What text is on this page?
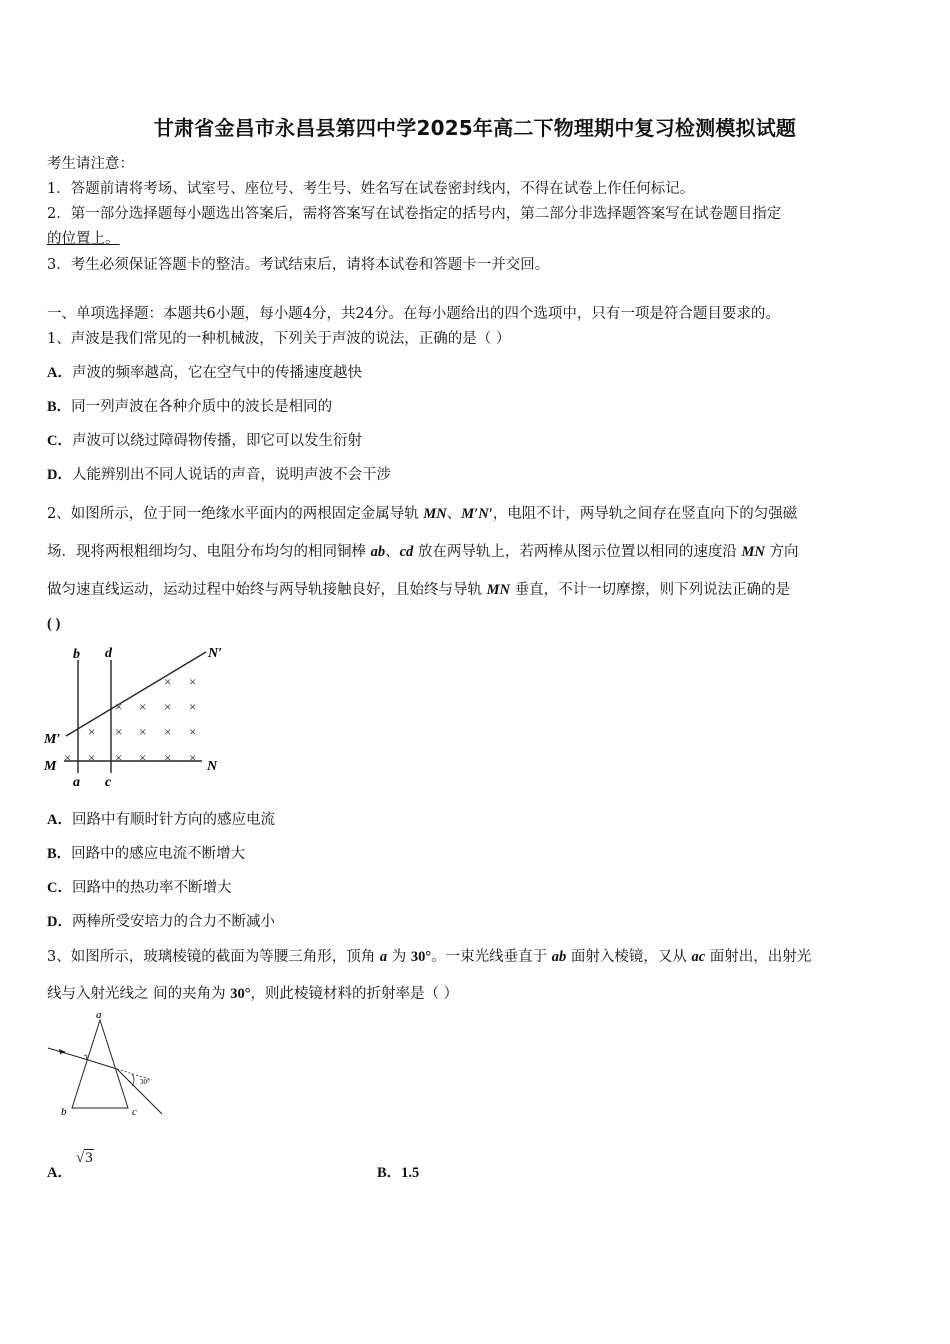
甘肃省金昌市永昌县第四中学2025年高二下物理期中复习检测模拟试题
考生请注意：
1．答题前请将考场、试室号、座位号、考生号、姓名写在试卷密封线内，不得在试卷上作任何标记。
2．第一部分选择题每小题选出答案后，需将答案写在试卷指定的括号内，第二部分非选择题答案写在试卷题目指定
的位置上。
3．考生必须保证答题卡的整洁。考试结束后，请将本试卷和答题卡一并交回。
一、单项选择题：本题共6小题，每小题4分，共24分。在每小题给出的四个选项中，只有一项是符合题目要求的。
1、声波是我们常见的一种机械波，下列关于声波的说法，正确的是（ ）
A．声波的频率越高，它在空气中的传播速度越快
B．同一列声波在各种介质中的波长是相同的
C．声波可以绕过障碍物传播，即它可以发生衍射
D．人能辨别出不同人说话的声音，说明声波不会干涉
2、如图所示，位于同一绝缘水平面内的两根固定金属导轨 MN、M′N′，电阻不计，两导轨之间存在竖直向下的匀强磁
场．现将两根粗细均匀、电阻分布均匀的相同铜棒 ab、cd 放在两导轨上，若两棒从图示位置以相同的速度沿 MN 方向
做匀速直线运动，运动过程中始终与两导轨接触良好，且始终与导轨 MN 垂直，不计一切摩擦，则下列说法正确的是
( )
b d	N′
M′
M	N
a c
× ×
× × × ×
× × × × ×
× × × × × ×
A．回路中有顺时针方向的感应电流
B．回路中的感应电流不断增大
C．回路中的热功率不断增大
D．两棒所受安培力的合力不断减小
3、如图所示，玻璃棱镜的截面为等腰三角形，顶角 a 为 30°。一束光线垂直于 ab 面射入棱镜，又从 ac 面射出，出射光
线与入射光线之 间的夹角为 30°，则此棱镜材料的折射率是（ ）
a
b	c
30°
A．
√3
B．1.5
